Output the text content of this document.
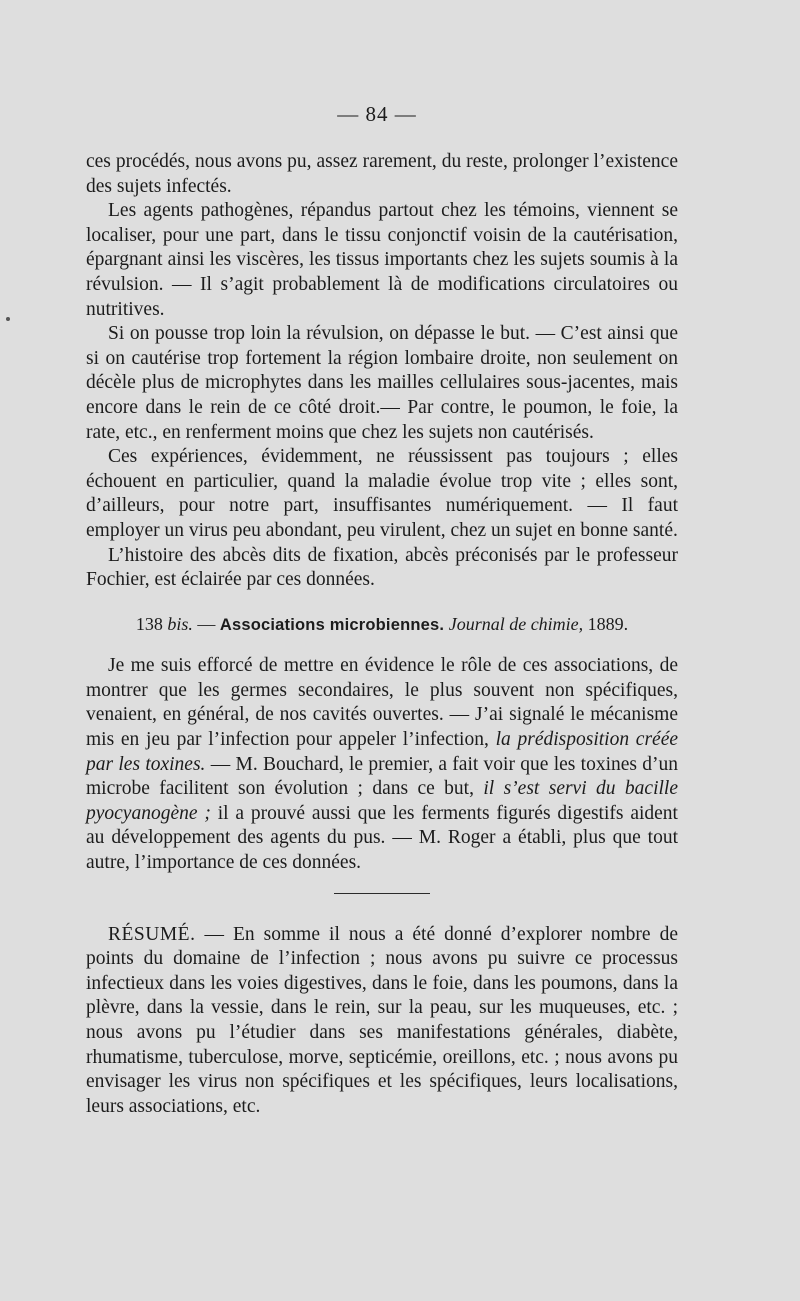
— 84 —

ces procédés, nous avons pu, assez rarement, du reste, prolonger l’existence des sujets infectés.

Les agents pathogènes, répandus partout chez les témoins, viennent se localiser, pour une part, dans le tissu conjonctif voisin de la cautérisation, épargnant ainsi les viscères, les tissus importants chez les sujets soumis à la révulsion. — Il s’agit probablement là de modifications circulatoires ou nutritives.

Si on pousse trop loin la révulsion, on dépasse le but. — C’est ainsi que si on cautérise trop fortement la région lombaire droite, non seulement on décèle plus de microphytes dans les mailles cellulaires sous-jacentes, mais encore dans le rein de ce côté droit.— Par contre, le poumon, le foie, la rate, etc., en renferment moins que chez les sujets non cautérisés.

Ces expériences, évidemment, ne réussissent pas toujours ; elles échouent en particulier, quand la maladie évolue trop vite ; elles sont, d’ailleurs, pour notre part, insuffisantes numériquement. — Il faut employer un virus peu abondant, peu virulent, chez un sujet en bonne santé.

L’histoire des abcès dits de fixation, abcès préconisés par le professeur Fochier, est éclairée par ces données.

138 bis. — Associations microbiennes. Journal de chimie, 1889.

Je me suis efforcé de mettre en évidence le rôle de ces associations, de montrer que les germes secondaires, le plus souvent non spécifiques, venaient, en général, de nos cavités ouvertes. — J’ai signalé le mécanisme mis en jeu par l’infection pour appeler l’infection, la prédisposition créée par les toxines. — M. Bouchard, le premier, a fait voir que les toxines d’un microbe facilitent son évolution ; dans ce but, il s’est servi du bacille pyocyanogène ; il a prouvé aussi que les ferments figurés digestifs aident au développement des agents du pus. — M. Roger a établi, plus que tout autre, l’importance de ces données.

RÉSUMÉ. — En somme il nous a été donné d’explorer nombre de points du domaine de l’infection ; nous avons pu suivre ce processus infectieux dans les voies digestives, dans le foie, dans les poumons, dans la plèvre, dans la vessie, dans le rein, sur la peau, sur les muqueuses, etc. ; nous avons pu l’étudier dans ses manifestations générales, diabète, rhumatisme, tuberculose, morve, septicémie, oreillons, etc. ; nous avons pu envisager les virus non spécifiques et les spécifiques, leurs localisations, leurs associations, etc.
